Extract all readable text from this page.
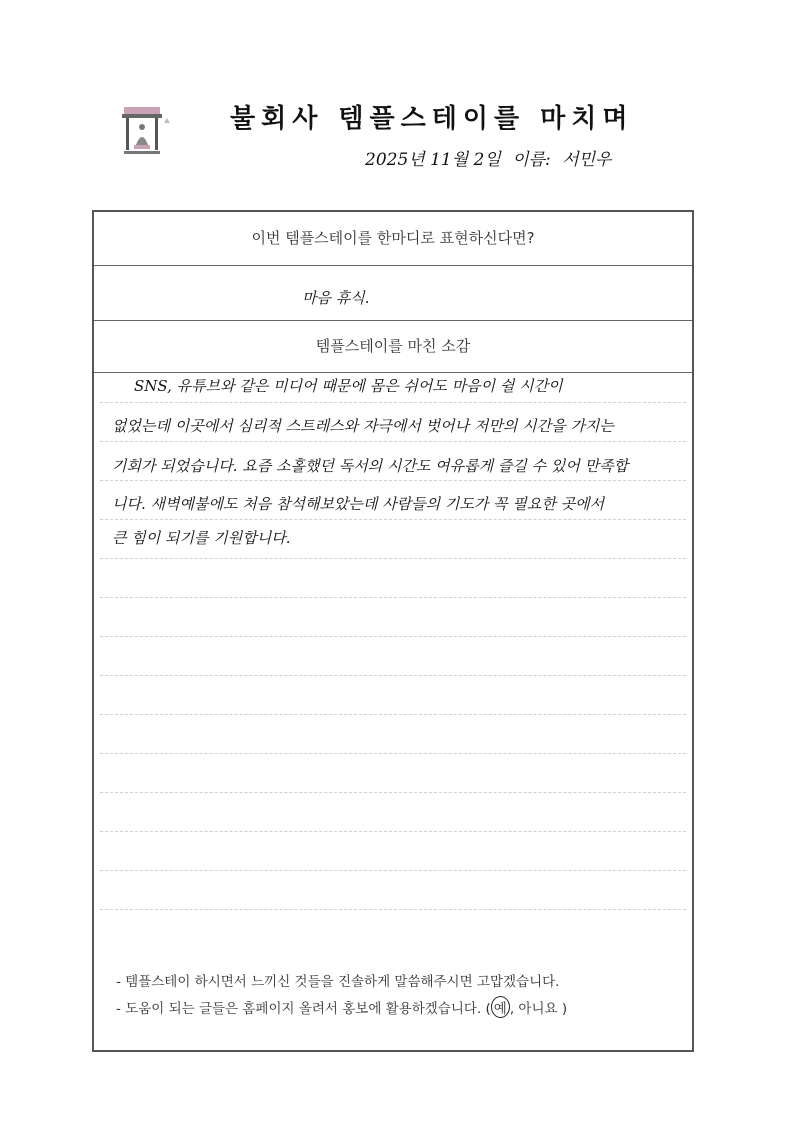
불회사 템플스테이를 마치며
2025년 11월 2일 이름: 서민우
이번 템플스테이를 한마디로 표현하신다면?
마음 휴식.
템플스테이를 마친 소감
SNS, 유튜브와 같은 미디어 때문에 몸은 쉬어도 마음이 쉴 시간이
없었는데 이곳에서 심리적 스트레스와 자극에서 벗어나 저만의 시간을 가지는
기회가 되었습니다. 요즘 소홀했던 독서의 시간도 여유롭게 즐길 수 있어 만족합
니다. 새벽예불에도 처음 참석해보았는데 사람들의 기도가 꼭 필요한 곳에서
큰 힘이 되기를 기원합니다.
- 템플스테이 하시면서 느끼신 것들을 진솔하게 말씀해주시면 고맙겠습니다.
- 도움이 되는 글들은 홈페이지 올려서 홍보에 활용하겠습니다. ( 예 , 아니요 )
